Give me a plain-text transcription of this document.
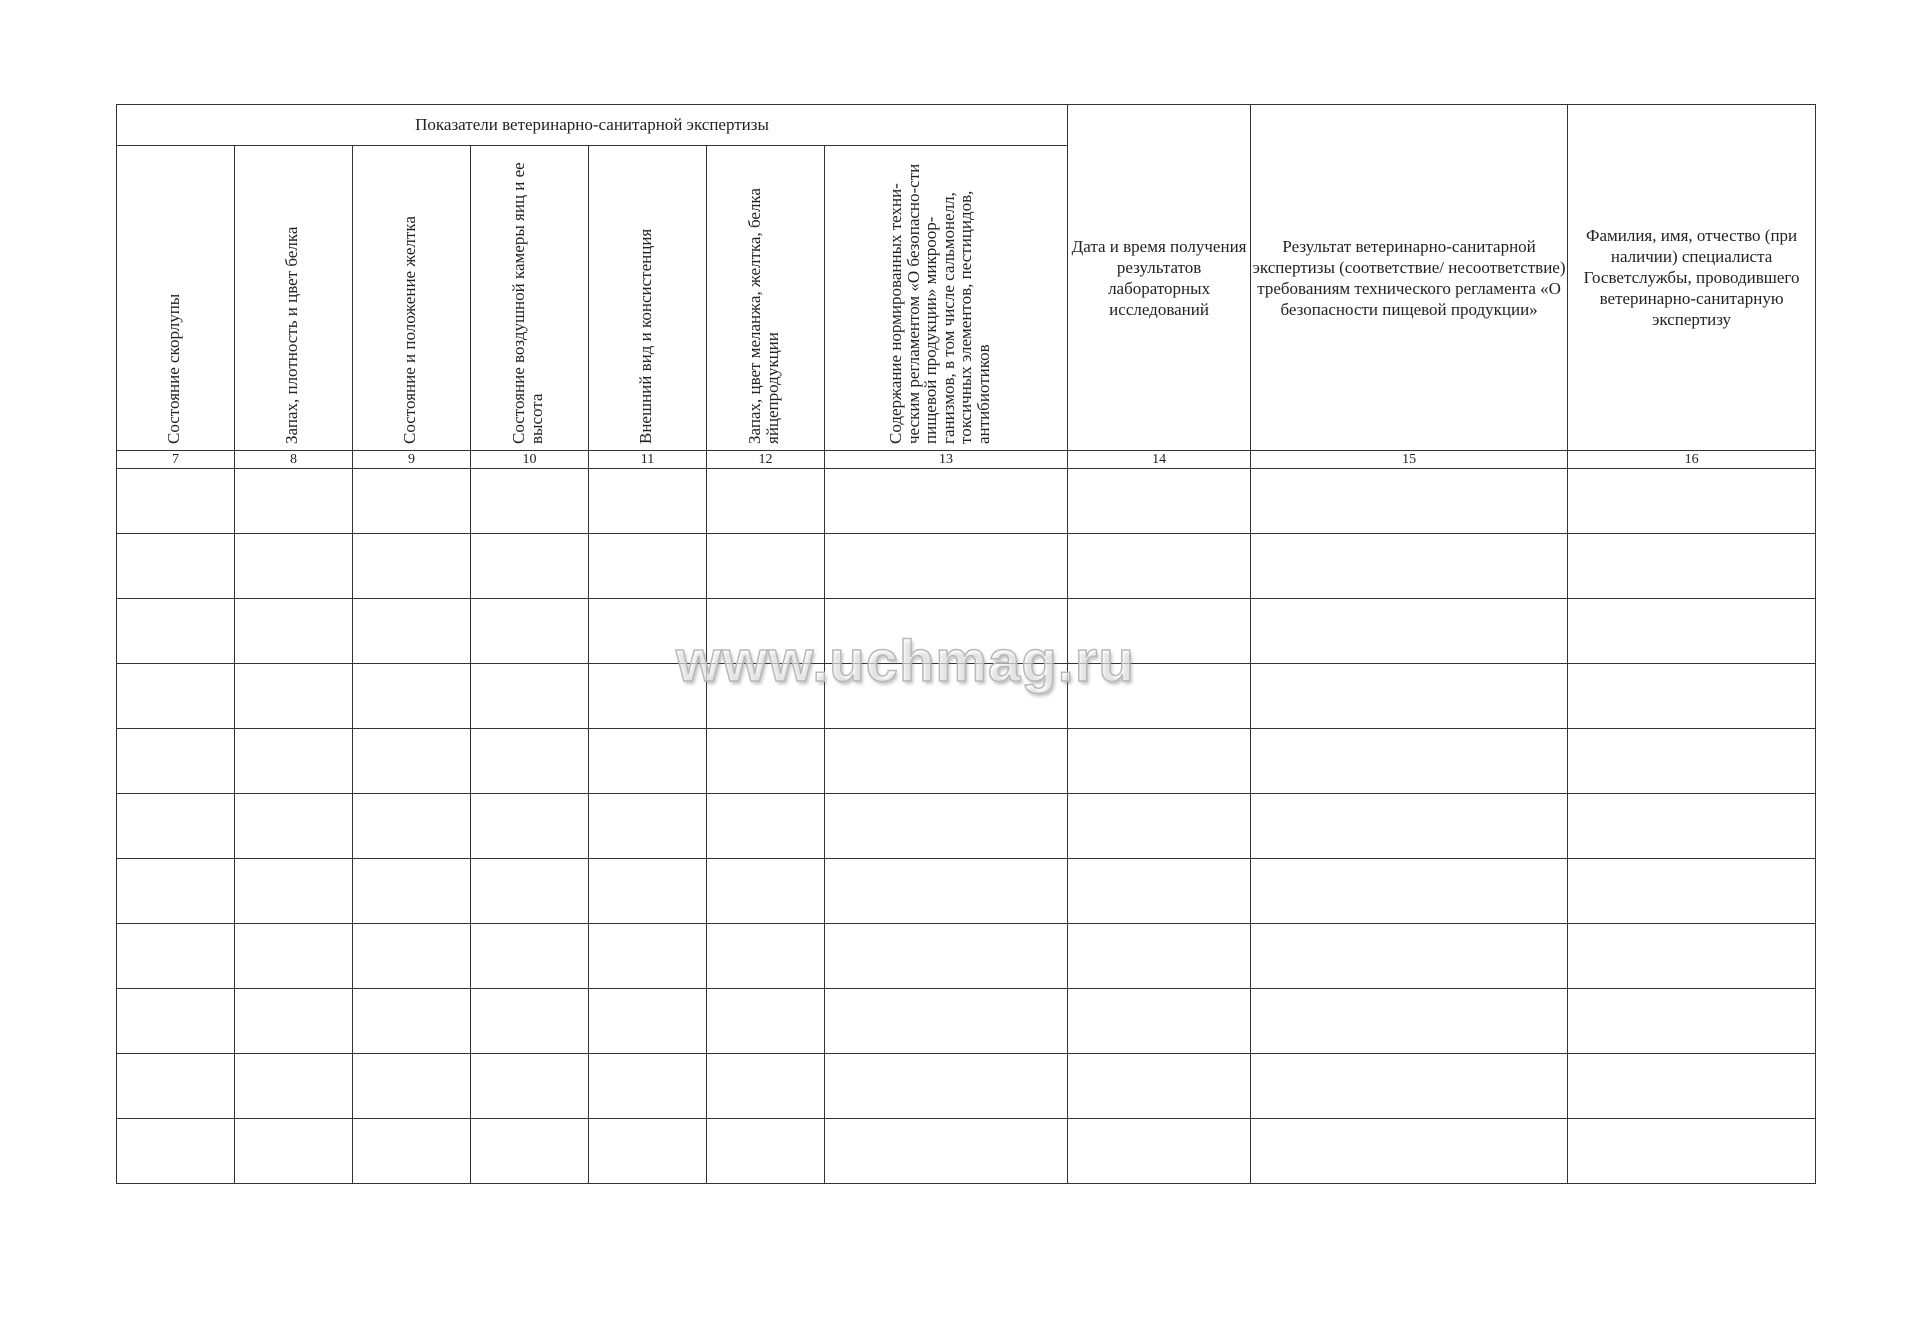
Показатели ветеринарно-санитарной экспертизы							Дата и время получения результатов лабораторных исследований	Результат ветеринарно-санитарной экспертизы (соответствие/ несоответствие) требованиям технического регламента «О безопасности пищевой продукции»	Фамилия, имя, отчество (при наличии) специалиста Госветслужбы, проводившего ветеринарно-санитарную экспертизу

Состояние скорлупы	Запах, плотность и цвет белка	Состояние и положение желтка	Состояние воздушной камеры яиц и ее высота	Внешний вид и консистенция	Запах, цвет меланжа, желтка, белка яйцепродукции	Содержание нормированных техни-ческим регламентом «О безопасно-сти пищевой продукции» микроор-ганизмов, в том числе сальмонелл, токсичных элементов, пестицидов, антибиотиков			

7	8	9	10	11	12	13	14	15	16

www.uchmag.ru
